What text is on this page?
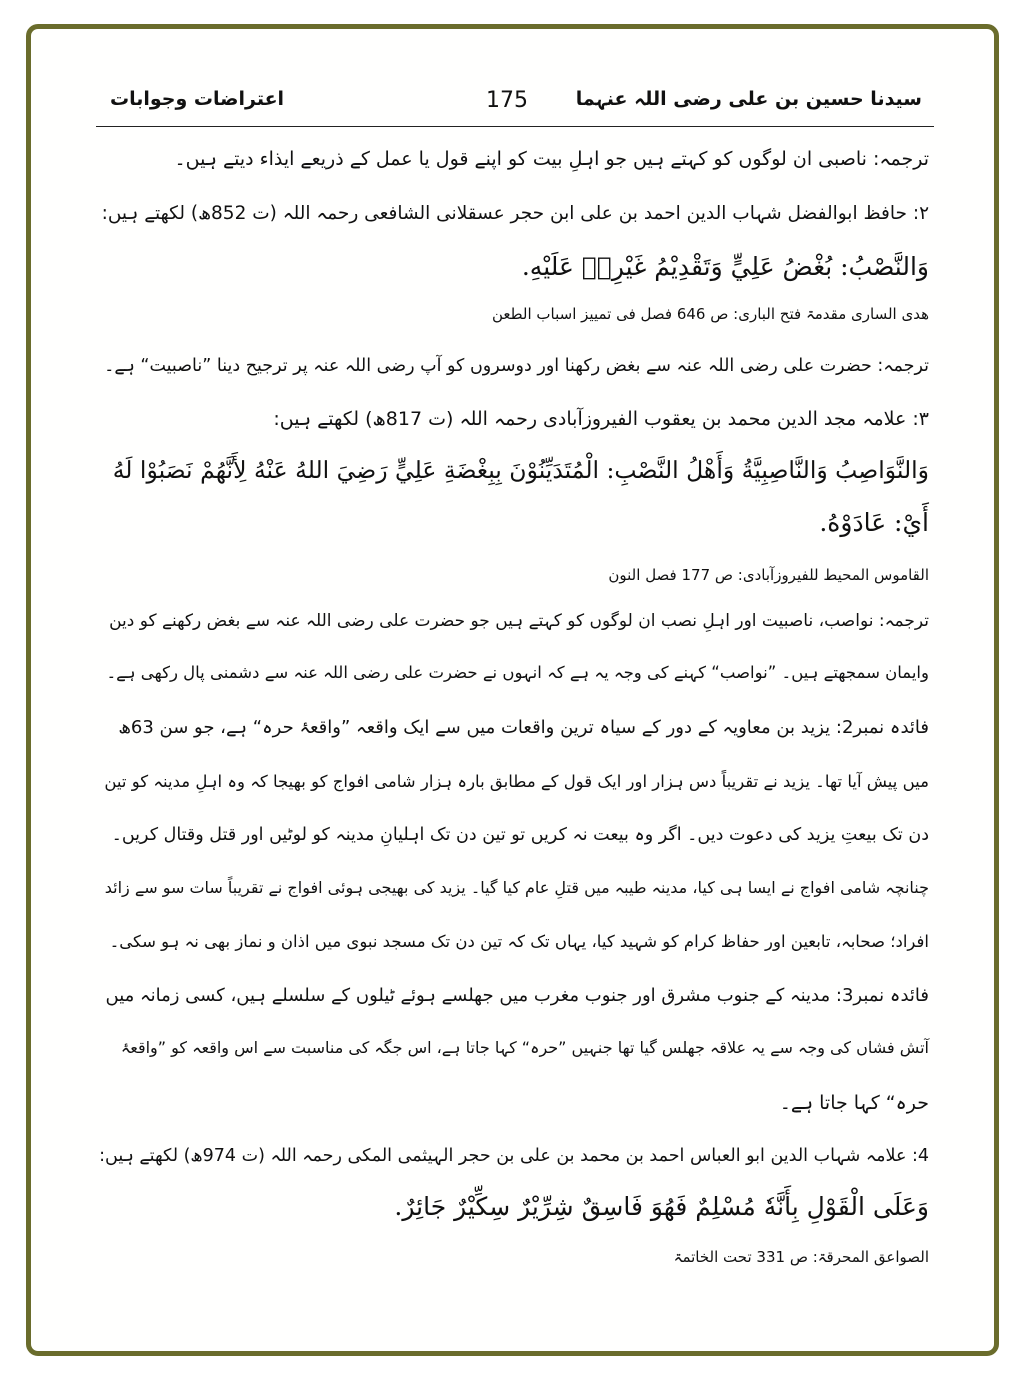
سیدنا حسین بن علی رضی اللہ عنہما
175
اعتراضات وجوابات
ترجمہ: ناصبی ان لوگوں کو کہتے ہیں جو اہلِ بیت کو اپنے قول یا عمل کے ذریعے ایذاء دیتے ہیں۔
۲: حافظ ابوالفضل شہاب الدین احمد بن علی ابن حجر عسقلانی الشافعی رحمہ اللہ (ت 852ھ) لکھتے ہیں:
وَالنَّصْبُ: بُغْضُ عَلِيٍّ وَتَقْدِيْمُ غَيْرِهٖ عَلَيْهِ.
ھدی الساری مقدمۃ فتح الباری: ص 646 فصل فی تمییز اسباب الطعن
ترجمہ: حضرت علی رضی اللہ عنہ سے بغض رکھنا اور دوسروں کو آپ رضی اللہ عنہ پر ترجیح دینا ”ناصبیت“ ہے۔
۳: علامہ مجد الدین محمد بن یعقوب الفیروزآبادی رحمہ اللہ (ت 817ھ) لکھتے ہیں:
وَالنَّوَاصِبُ وَالنَّاصِبِيَّةُ وَأَهْلُ النَّصْبِ: الْمُتَدَيِّنُوْنَ بِبِغْضَةِ عَلِيٍّ رَضِيَ اللهُ عَنْهُ لِأَنَّهُمْ نَصَبُوْا لَهُ
أَيْ: عَادَوْهُ.
القاموس المحیط للفیروزآبادی: ص 177 فصل النون
ترجمہ: نواصب، ناصبیت اور اہلِ نصب ان لوگوں کو کہتے ہیں جو حضرت علی رضی اللہ عنہ سے بغض رکھنے کو دین
وایمان سمجھتے ہیں۔ ”نواصب“ کہنے کی وجہ یہ ہے کہ انہوں نے حضرت علی رضی اللہ عنہ سے دشمنی پال رکھی ہے۔
فائدہ نمبر2: یزید بن معاویہ کے دور کے سیاہ ترین واقعات میں سے ایک واقعہ ”واقعۂ حرہ“ ہے، جو سن 63ھ
میں پیش آیا تھا۔ یزید نے تقریباً دس ہزار اور ایک قول کے مطابق بارہ ہزار شامی افواج کو بھیجا کہ وہ اہلِ مدینہ کو تین
دن تک بیعتِ یزید کی دعوت دیں۔ اگر وہ بیعت نہ کریں تو تین دن تک اہلیانِ مدینہ کو لوٹیں اور قتل وقتال کریں۔
چنانچہ شامی افواج نے ایسا ہی کیا، مدینہ طیبہ میں قتلِ عام کیا گیا۔ یزید کی بھیجی ہوئی افواج نے تقریباً سات سو سے زائد
افراد؛ صحابہ، تابعین اور حفاظ کرام کو شہید کیا، یہاں تک کہ تین دن تک مسجد نبوی میں اذان و نماز بھی نہ ہو سکی۔
فائدہ نمبر3: مدینہ کے جنوب مشرق اور جنوب مغرب میں جھلسے ہوئے ٹیلوں کے سلسلے ہیں، کسی زمانہ میں
آتش فشاں کی وجہ سے یہ علاقہ جھلس گیا تھا جنہیں ”حرہ“ کہا جاتا ہے، اس جگہ کی مناسبت سے اس واقعہ کو ”واقعۂ
حرہ“ کہا جاتا ہے۔
4: علامہ شہاب الدین ابو العباس احمد بن محمد بن علی بن حجر الہیثمی المکی رحمہ اللہ (ت 974ھ) لکھتے ہیں:
وَعَلَى الْقَوْلِ بِأَنَّهٗ مُسْلِمٌ فَهُوَ فَاسِقٌ شِرِّيْرٌ سِكِّيْرٌ جَائِرٌ.
الصواعق المحرقۃ: ص 331 تحت الخاتمۃ
